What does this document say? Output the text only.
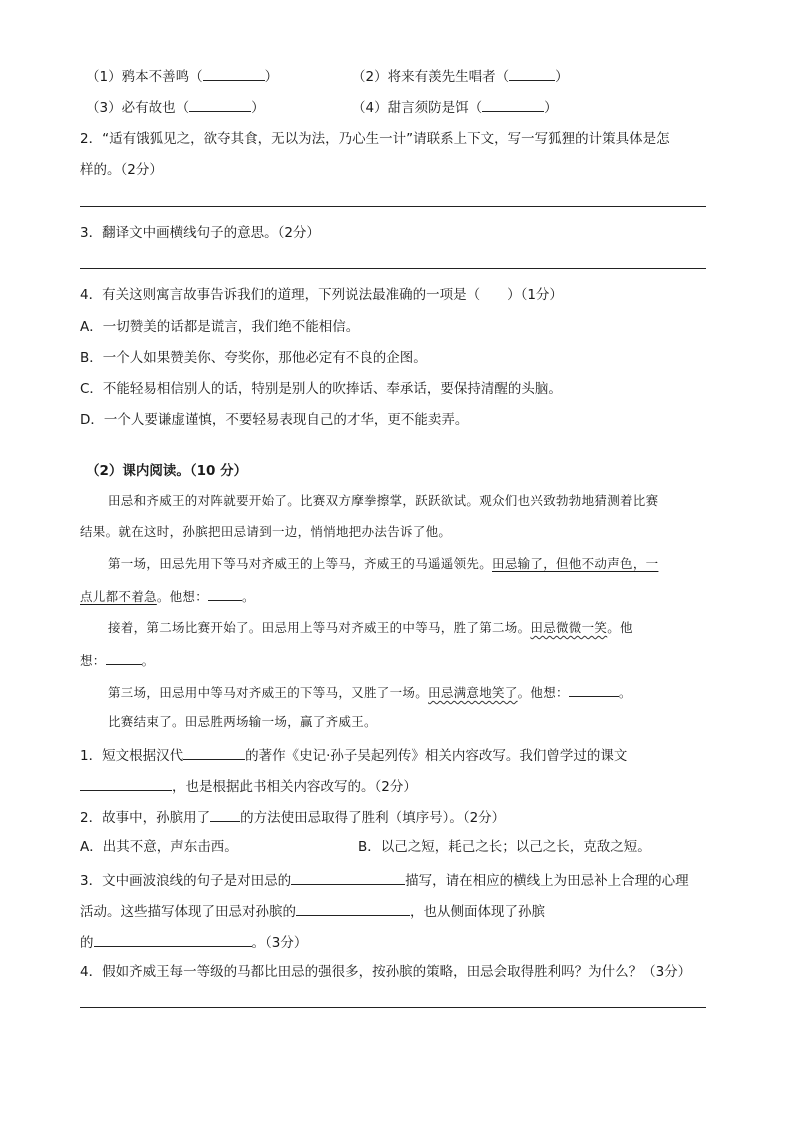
（1）鸦本不善鸣（	）	（2）将来有羡先生唱者（	）
（3）必有故也（	）	（4）甜言须防是饵（	）
2．“适有饿狐见之，欲夺其食，无以为法，乃心生一计”请联系上下文，写一写狐狸的计策具体是怎
样的。（2分）
3．翻译文中画横线句子的意思。（2分）
4．有关这则寓言故事告诉我们的道理，下列说法最准确的一项是（　　）（1分）
A．一切赞美的话都是谎言，我们绝不能相信。
B．一个人如果赞美你、夸奖你，那他必定有不良的企图。
C．不能轻易相信别人的话，特别是别人的吹捧话、奉承话，要保持清醒的头脑。
D．一个人要谦虚谨慎，不要轻易表现自己的才华，更不能卖弄。
（2）课内阅读。（10 分）
田忌和齐威王的对阵就要开始了。比赛双方摩拳擦掌，跃跃欲试。观众们也兴致勃勃地猜测着比赛
结果。就在这时，孙膑把田忌请到一边，悄悄地把办法告诉了他。
第一场，田忌先用下等马对齐威王的上等马，齐威王的马遥遥领先。田忌输了，但他不动声色，一
点儿都不着急。他想：	。
接着，第二场比赛开始了。田忌用上等马对齐威王的中等马，胜了第二场。田忌微微一笑。他
想：	。
第三场，田忌用中等马对齐威王的下等马，又胜了一场。田忌满意地笑了。他想：	。
比赛结束了。田忌胜两场输一场，赢了齐威王。
1．短文根据汉代	的著作《史记·孙子吴起列传》相关内容改写。我们曾学过的课文
，也是根据此书相关内容改写的。（2分）
2．故事中，孙膑用了 的方法使田忌取得了胜利（填序号）。（2分）
A．出其不意，声东击西。	B．以己之短，耗己之长；以己之长，克敌之短。
3．文中画波浪线的句子是对田忌的	描写，请在相应的横线上为田忌补上合理的心理
活动。这些描写体现了田忌对孙膑的	，也从侧面体现了孙膑
的	。（3分）
4．假如齐威王每一等级的马都比田忌的强很多，按孙膑的策略，田忌会取得胜利吗？为什么？（3分）
